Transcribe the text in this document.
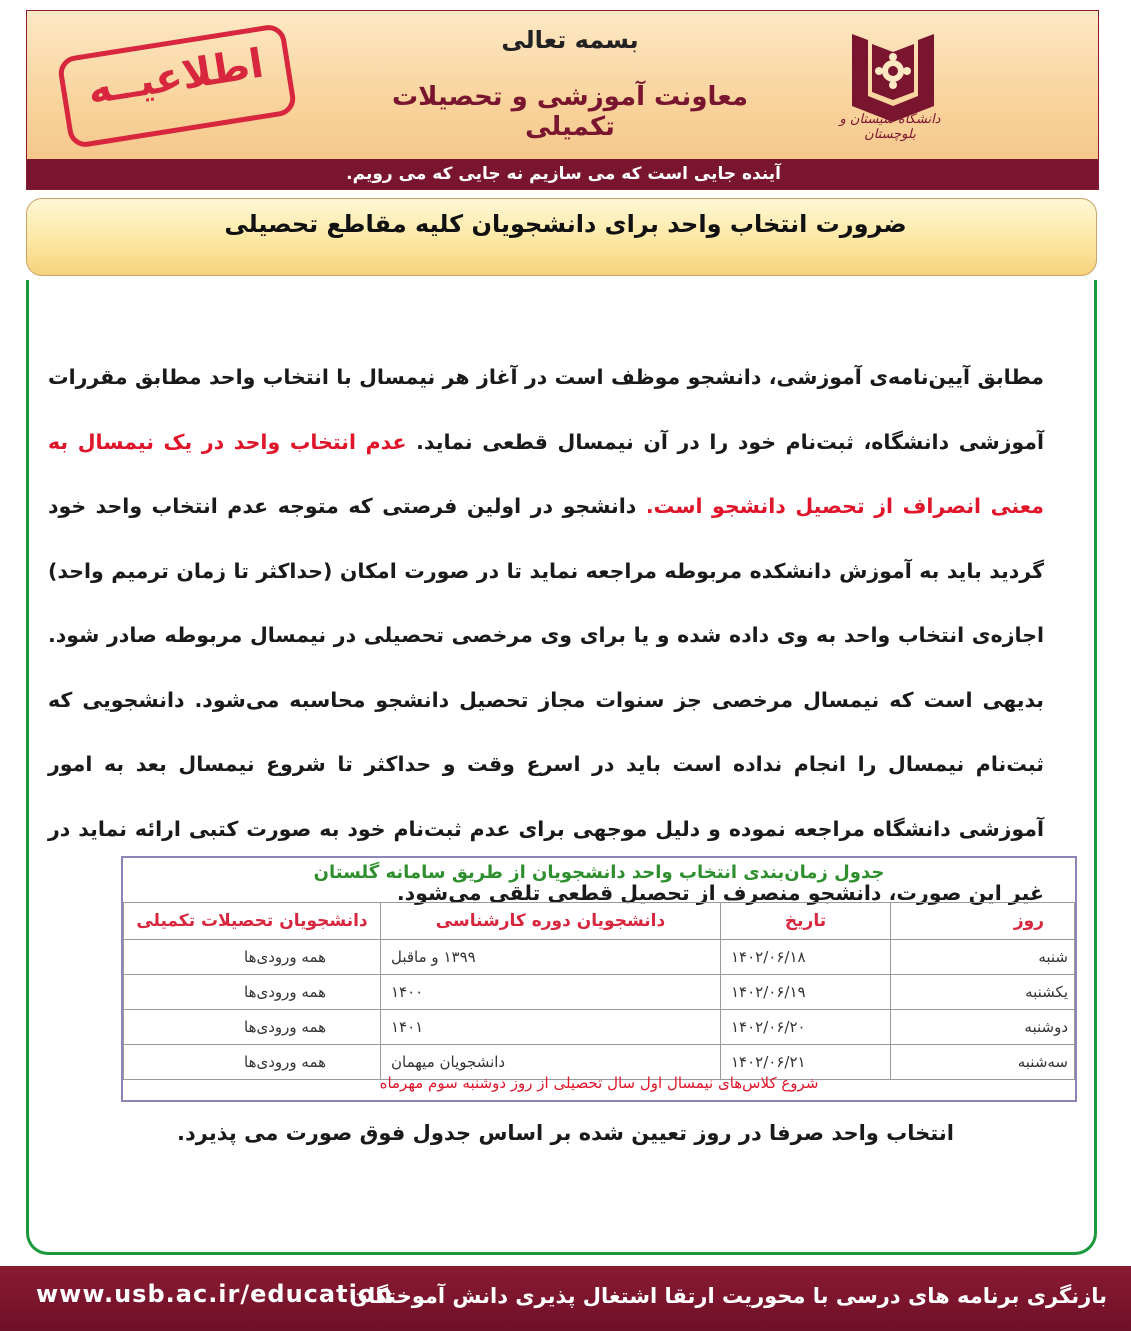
بسمه تعالی
معاونت آموزشی و تحصیلات تکمیلی
آینده جایی است که می سازیم نه جایی که می رویم.
اطلاعیــه
دانشگاه سیستان و بلوچستان
ضرورت انتخاب واحد برای دانشجویان کلیه مقاطع تحصیلی
مطابق آیین‌نامه‌ی آموزشی، دانشجو موظف است در آغاز هر نیمسال با انتخاب واحد مطابق مقررات آموزشی دانشگاه، ثبت‌نام خود را در آن نیمسال قطعی نماید. عدم انتخاب واحد در یک نیمسال به معنی انصراف از تحصیل دانشجو است. دانشجو در اولین فرصتی که متوجه عدم انتخاب واحد خود گردید باید به آموزش دانشکده مربوطه مراجعه نماید تا در صورت امکان (حداکثر تا زمان ترمیم واحد) اجازه‌ی انتخاب واحد به وی داده شده و یا برای وی مرخصی تحصیلی در نیمسال مربوطه صادر شود. بدیهی است که نیمسال مرخصی جز سنوات مجاز تحصیل دانشجو محاسبه می‌شود. دانشجویی که ثبت‌نام نیمسال را انجام نداده است باید در اسرع وقت و حداکثر تا شروع نیمسال بعد به امور آموزشی دانشگاه مراجعه نموده و دلیل موجهی برای عدم ثبت‌نام خود به صورت کتبی ارائه نماید در غیر این صورت، دانشجو منصرف از تحصیل قطعی تلقی می‌شود.
روز	تاریخ	دانشجویان دوره کارشناسی	دانشجویان تحصیلات تکمیلی
شنبه	۱۴۰۲/۰۶/۱۸	۱۳۹۹ و ماقبل	همه ورودی‌ها
یکشنبه	۱۴۰۲/۰۶/۱۹	۱۴۰۰	همه ورودی‌ها
دوشنبه	۱۴۰۲/۰۶/۲۰	۱۴۰۱	همه ورودی‌ها
سه‌شنبه	۱۴۰۲/۰۶/۲۱	دانشجویان میهمان	همه ورودی‌ها
جدول زمان‌بندی انتخاب واحد دانشجویان از طریق سامانه گلستان
شروع کلاس‌های نیمسال اول سال تحصیلی از روز دوشنبه سوم مهرماه
انتخاب واحد صرفا در روز تعیین شده بر اساس جدول فوق صورت می پذیرد.
بازنگری برنامه های درسی با محوریت ارتقا اشتغال پذیری دانش آموختگان
www.usb.ac.ir/education
